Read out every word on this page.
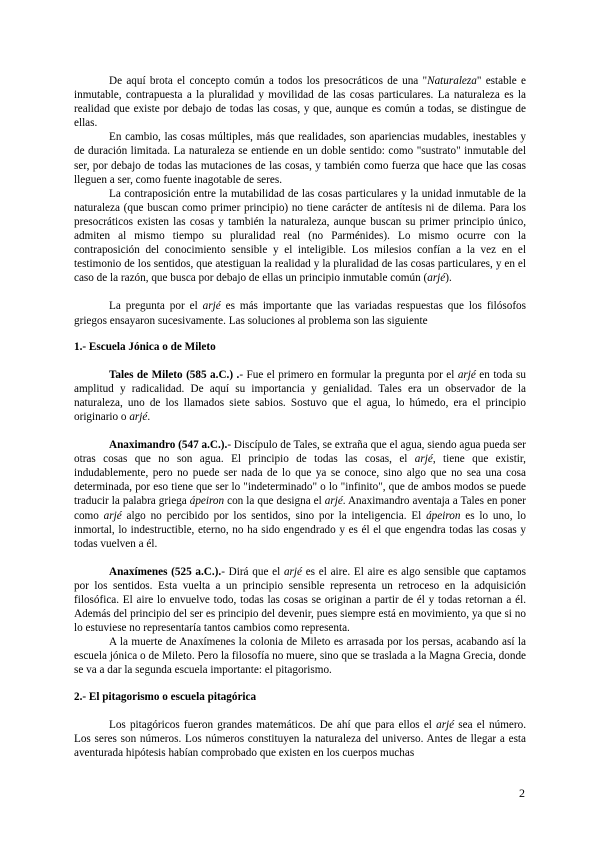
De aquí brota el concepto común a todos los presocráticos de una "Naturaleza" estable e inmutable, contrapuesta a la pluralidad y movilidad de las cosas particulares. La naturaleza es la realidad que existe por debajo de todas las cosas, y que, aunque es común a todas, se distingue de ellas.

En cambio, las cosas múltiples, más que realidades, son apariencias mudables, inestables y de duración limitada. La naturaleza se entiende en un doble sentido: como "sustrato" inmutable del ser, por debajo de todas las mutaciones de las cosas, y también como fuerza que hace que las cosas lleguen a ser, como fuente inagotable de seres.

La contraposición entre la mutabilidad de las cosas particulares y la unidad inmutable de la naturaleza (que buscan como primer principio) no tiene carácter de antítesis ni de dilema. Para los presocráticos existen las cosas y también la naturaleza, aunque buscan su primer principio único, admiten al mismo tiempo su pluralidad real (no Parménides). Lo mismo ocurre con la contraposición del conocimiento sensible y el inteligible. Los milesios confían a la vez en el testimonio de los sentidos, que atestiguan la realidad y la pluralidad de las cosas particulares, y en el caso de la razón, que busca por debajo de ellas un principio inmutable común (arjé).

La pregunta por el arjé es más importante que las variadas respuestas que los filósofos griegos ensayaron sucesivamente. Las soluciones al problema son las siguiente

1.- Escuela Jónica o de Mileto

Tales de Mileto (585 a.C.) .- Fue el primero en formular la pregunta por el arjé en toda su amplitud y radicalidad. De aquí su importancia y genialidad. Tales era un observador de la naturaleza, uno de los llamados siete sabios. Sostuvo que el agua, lo húmedo, era el principio originario o arjé.

Anaximandro (547 a.C.).- Discípulo de Tales, se extraña que el agua, siendo agua pueda ser otras cosas que no son agua. El principio de todas las cosas, el arjé, tiene que existir, indudablemente, pero no puede ser nada de lo que ya se conoce, sino algo que no sea una cosa determinada, por eso tiene que ser lo "indeterminado" o lo "infinito", que de ambos modos se puede traducir la palabra griega ápeiron con la que designa el arjé. Anaximandro aventaja a Tales en poner como arjé algo no percibido por los sentidos, sino por la inteligencia. El ápeiron es lo uno, lo inmortal, lo indestructible, eterno, no ha sido engendrado y es él el que engendra todas las cosas y todas vuelven a él.

Anaxímenes (525 a.C.).- Dirá que el arjé es el aire. El aire es algo sensible que captamos por los sentidos. Esta vuelta a un principio sensible representa un retroceso en la adquisición filosófica. El aire lo envuelve todo, todas las cosas se originan a partir de él y todas retornan a él. Además del principio del ser es principio del devenir, pues siempre está en movimiento, ya que si no lo estuviese no representaría tantos cambios como representa.

A la muerte de Anaxímenes la colonia de Mileto es arrasada por los persas, acabando así la escuela jónica o de Mileto. Pero la filosofía no muere, sino que se traslada a la Magna Grecia, donde se va a dar la segunda escuela importante: el pitagorismo.

2.- El pitagorismo o escuela pitagórica

Los pitagóricos fueron grandes matemáticos. De ahí que para ellos el arjé sea el número. Los seres son números. Los números constituyen la naturaleza del universo. Antes de llegar a esta aventurada hipótesis habían comprobado que existen en los cuerpos muchas

2
